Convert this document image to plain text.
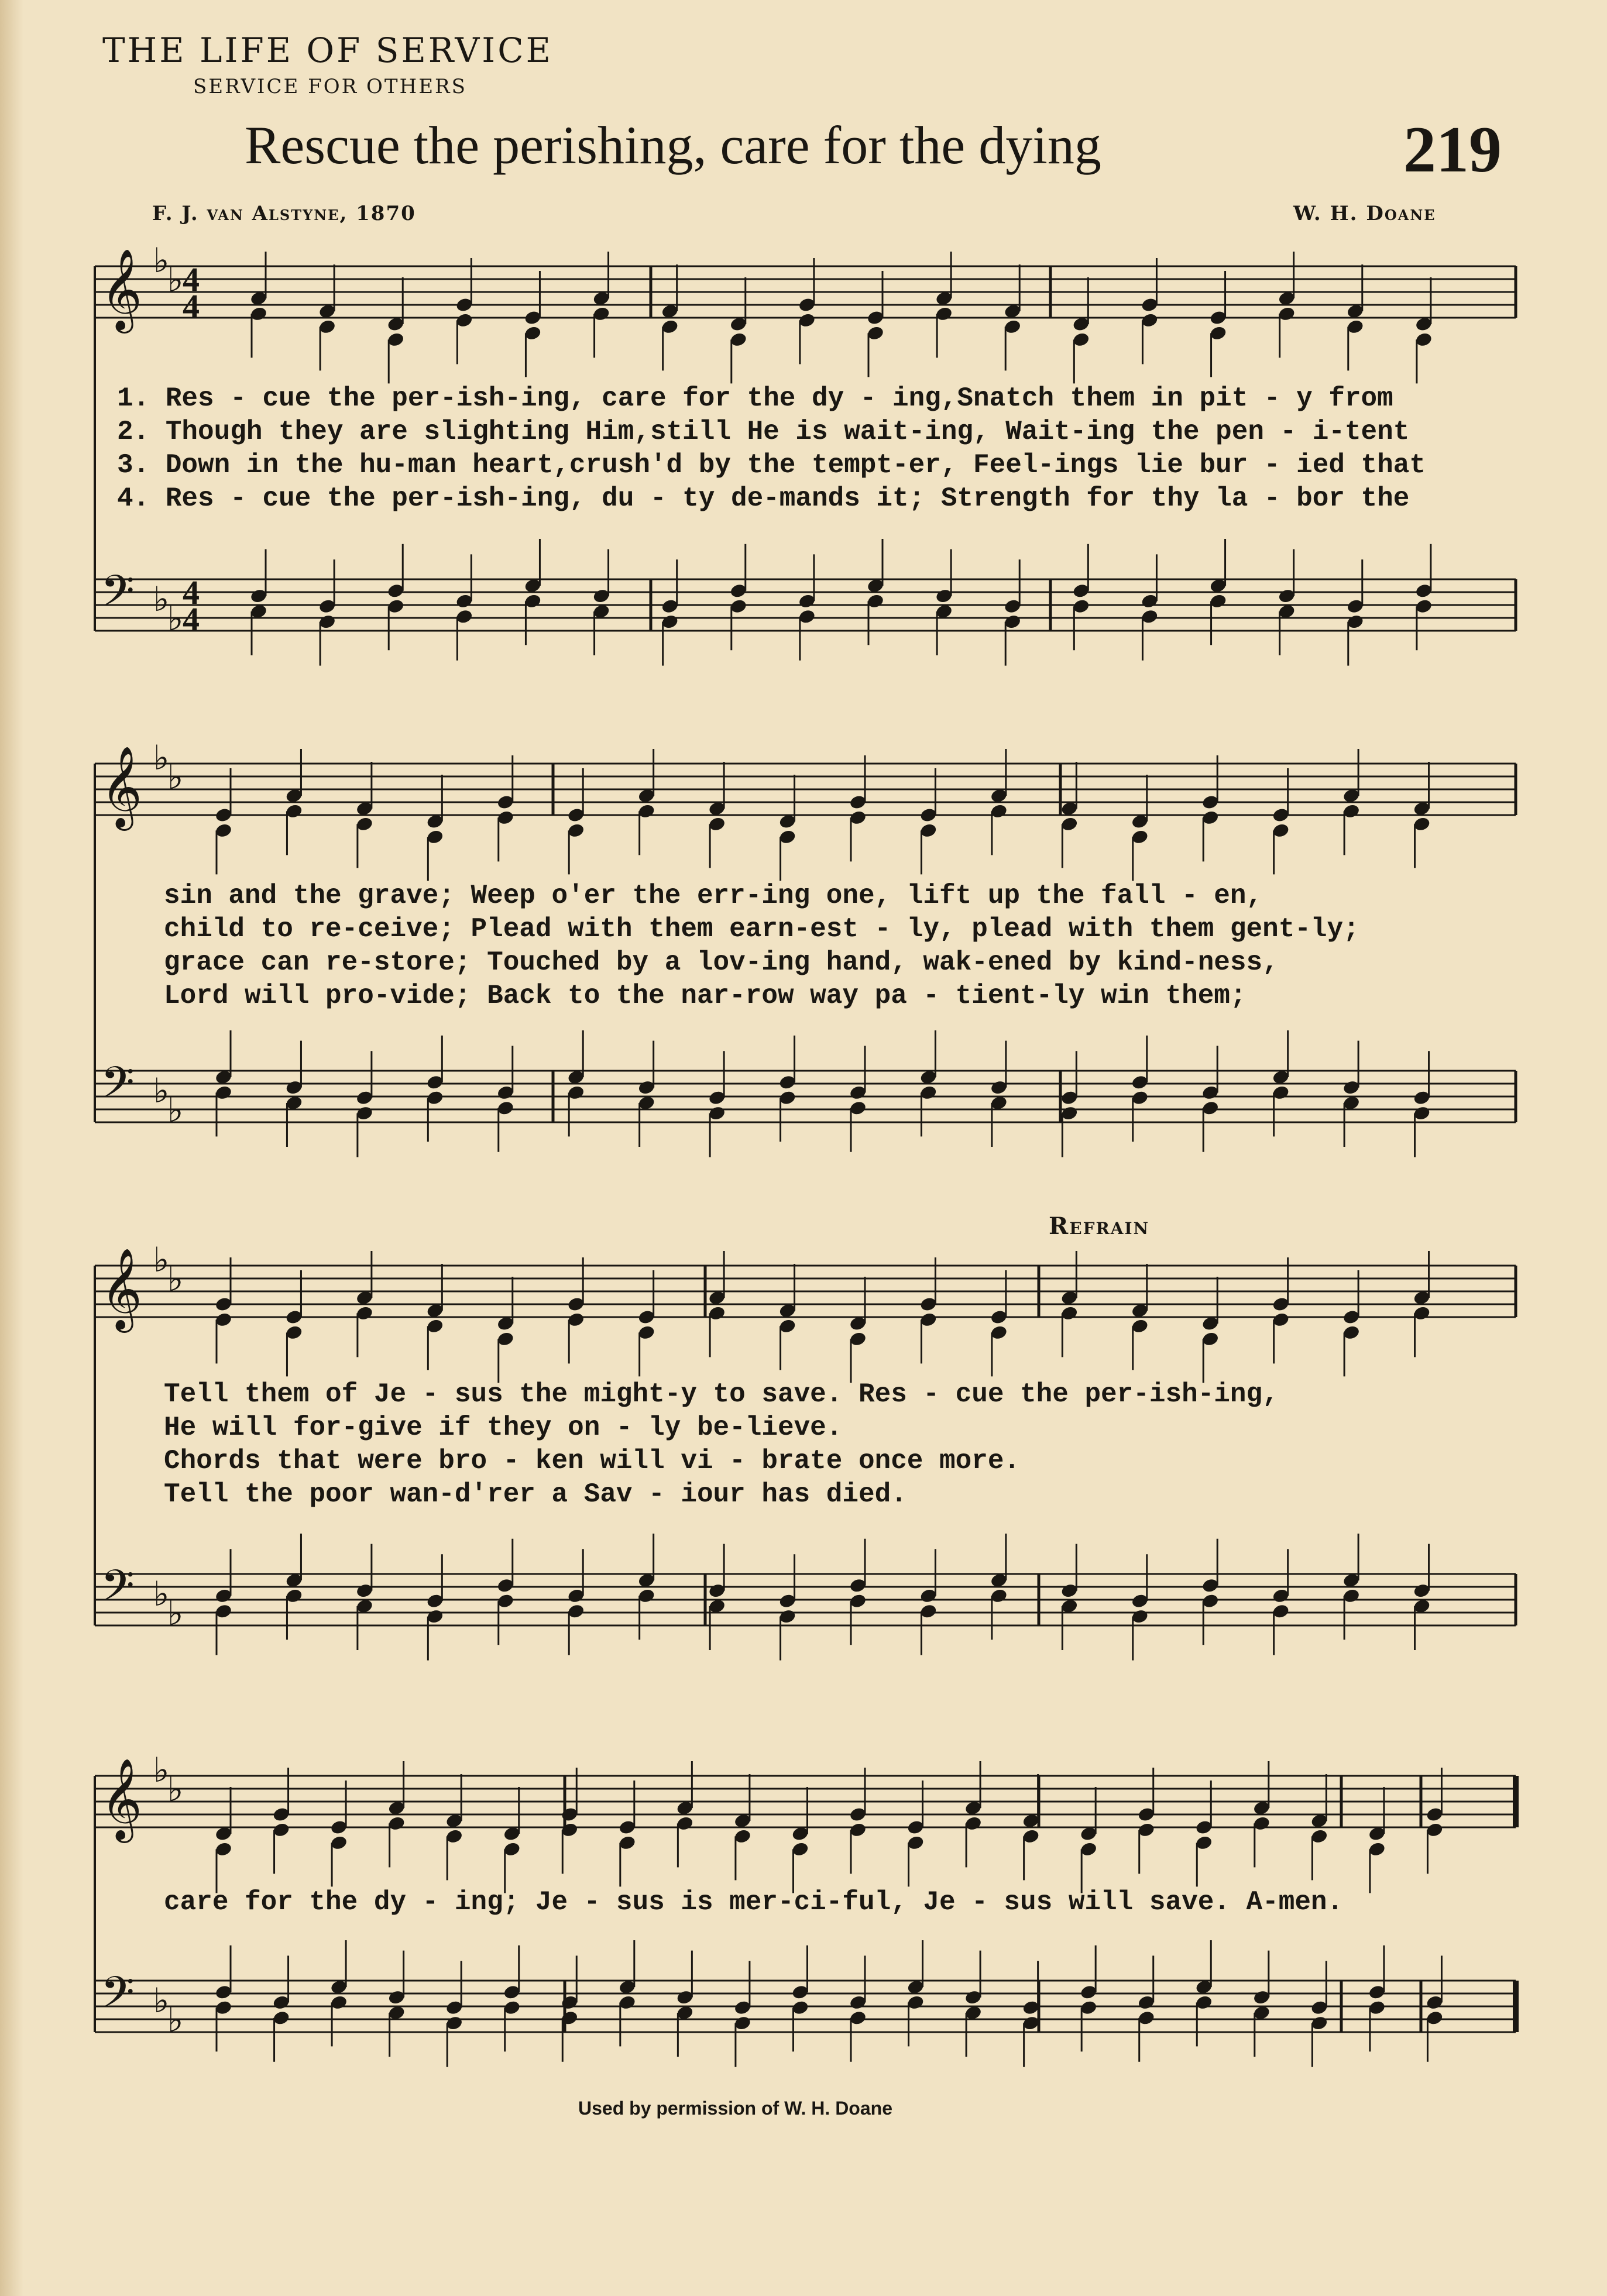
THE LIFE OF SERVICE
SERVICE FOR OTHERS
Rescue the perishing, care for the dying	219
F. J. van Alstyne, 1870	W. H. Doane
Refrain
𝄞 ♭
♭
4
4
𝄢 ♭
♭
4
4
𝄞 ♭
♭
𝄢 ♭
♭
𝄞 ♭
♭
𝄢 ♭
♭
𝄞 ♭
♭
𝄢 ♭
♭
1. Res - cue the per-ish-ing, care for the dy - ing,Snatch them in pit - y from
2. Though they are slighting Him,still He is wait-ing, Wait-ing the pen - i-tent
3. Down in the hu-man heart,crush'd by the tempt-er, Feel-ings lie bur - ied that
4. Res - cue the per-ish-ing, du - ty de-mands it; Strength for thy la - bor the
sin and the grave; Weep o'er the err-ing one, lift up the fall - en,
child to re-ceive; Plead with them earn-est - ly, plead with them gent-ly;
grace can re-store; Touched by a lov-ing hand, wak-ened by kind-ness,
Lord will pro-vide; Back to the nar-row way pa - tient-ly win them;
Tell them of Je - sus the might-y to save. Res - cue the per-ish-ing,
He will for-give if they on - ly be-lieve.
Chords that were bro - ken will vi - brate once more.
Tell the poor wan-d'rer a Sav - iour has died.
care for the dy - ing; Je - sus is mer-ci-ful, Je - sus will save. A-men.
Used by permission of W. H. Doane
